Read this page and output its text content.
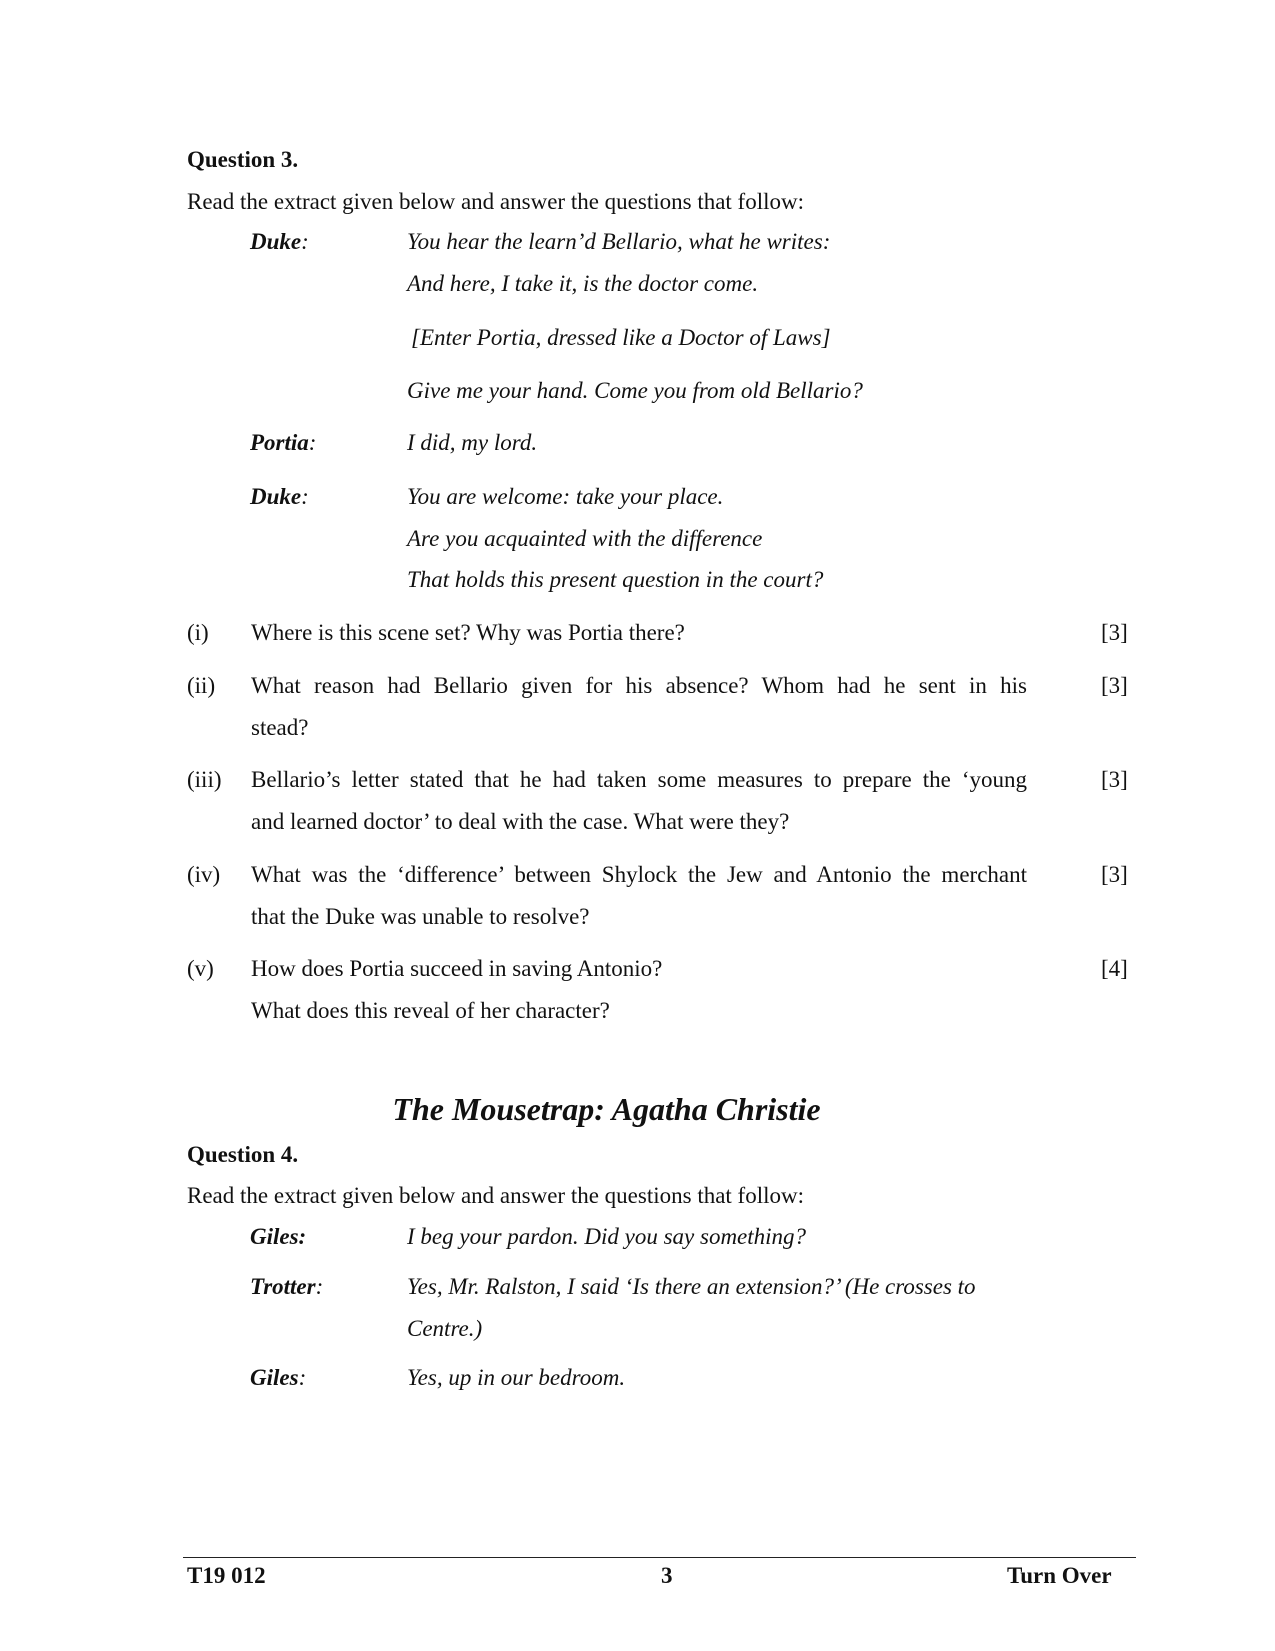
Question 3.
Read the extract given below and answer the questions that follow:
Duke:	You hear the learn’d Bellario, what he writes:
And here, I take it, is the doctor come.
[Enter Portia, dressed like a Doctor of Laws]
Give me your hand. Come you from old Bellario?
Portia:	I did, my lord.
Duke:	You are welcome: take your place.
Are you acquainted with the difference
That holds this present question in the court?
(i) Where is this scene set? Why was Portia there?	[3]
(ii) What reason had Bellario given for his absence? Whom had he sent in his
stead?
[3]
(iii) Bellario’s letter stated that he had taken some measures to prepare the ‘young
and learned doctor’ to deal with the case. What were they?
[3]
(iv) What was the ‘difference’ between Shylock the Jew and Antonio the merchant
that the Duke was unable to resolve?
[3]
(v) How does Portia succeed in saving Antonio?
What does this reveal of her character?
[4]
The Mousetrap: Agatha Christie
Question 4.
Read the extract given below and answer the questions that follow:
Giles:	I beg your pardon. Did you say something?
Trotter:	Yes, Mr. Ralston, I said ‘Is there an extension?’ (He crosses to
Centre.)
Giles:	Yes, up in our bedroom.
T19 012	3	Turn Over
